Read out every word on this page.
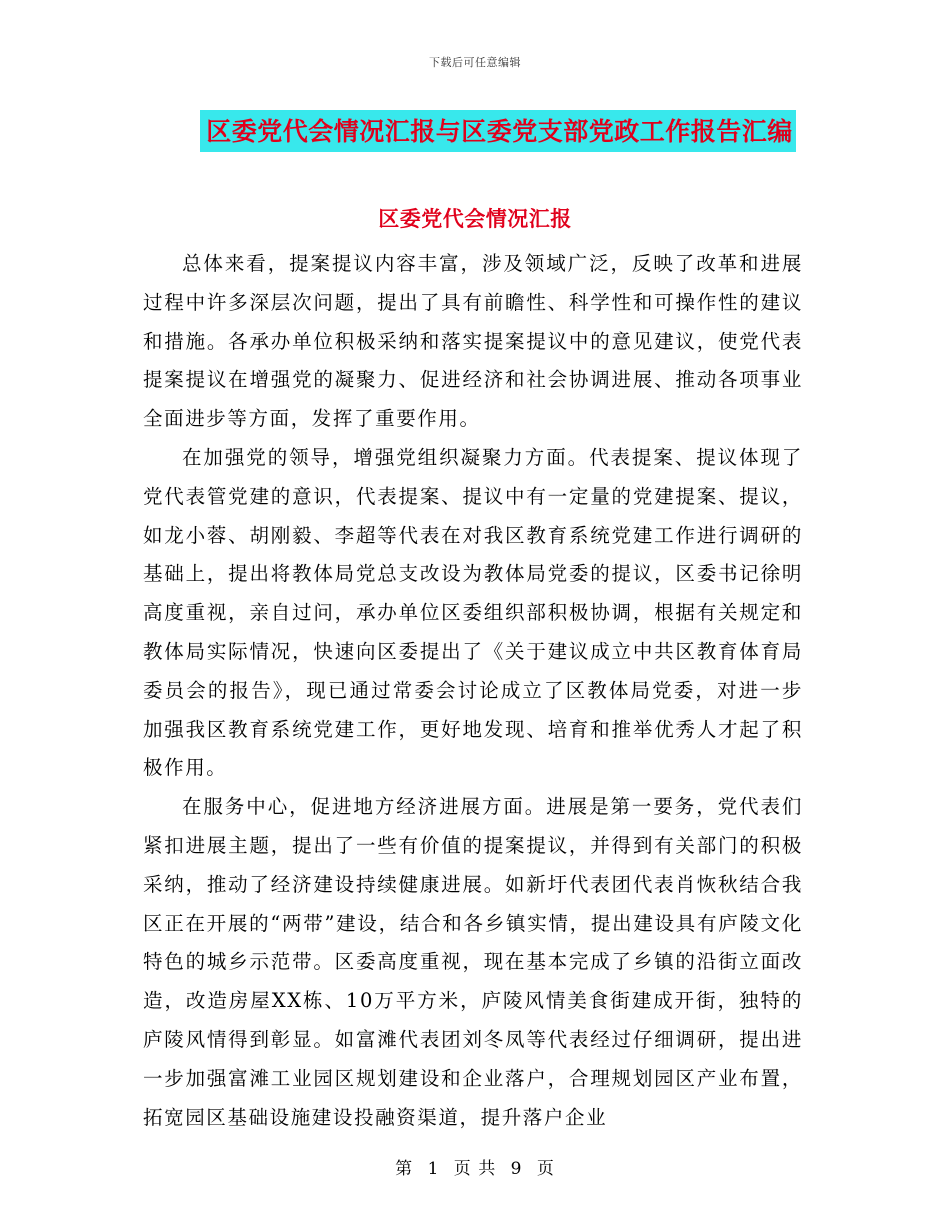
下载后可任意编辑
区委党代会情况汇报与区委党支部党政工作报告汇编
区委党代会情况汇报

总体来看，提案提议内容丰富，涉及领域广泛，反映了改革和进展过程中许多深层次问题，提出了具有前瞻性、科学性和可操作性的建议和措施。各承办单位积极采纳和落实提案提议中的意见建议，使党代表提案提议在增强党的凝聚力、促进经济和社会协调进展、推动各项事业全面进步等方面，发挥了重要作用。

在加强党的领导，增强党组织凝聚力方面。代表提案、提议体现了党代表管党建的意识，代表提案、提议中有一定量的党建提案、提议，如龙小蓉、胡刚毅、李超等代表在对我区教育系统党建工作进行调研的基础上，提出将教体局党总支改设为教体局党委的提议，区委书记徐明高度重视，亲自过问，承办单位区委组织部积极协调，根据有关规定和教体局实际情况，快速向区委提出了《关于建议成立中共区教育体育局委员会的报告》，现已通过常委会讨论成立了区教体局党委，对进一步加强我区教育系统党建工作，更好地发现、培育和推举优秀人才起了积极作用。

在服务中心，促进地方经济进展方面。进展是第一要务，党代表们紧扣进展主题，提出了一些有价值的提案提议，并得到有关部门的积极采纳，推动了经济建设持续健康进展。如新圩代表团代表肖恢秋结合我区正在开展的“两带”建设，结合和各乡镇实情，提出建设具有庐陵文化特色的城乡示范带。区委高度重视，现在基本完成了乡镇的沿街立面改造，改造房屋XX栋、10万平方米，庐陵风情美食街建成开街，独特的庐陵风情得到彰显。如富滩代表团刘冬凤等代表经过仔细调研，提出进一步加强富滩工业园区规划建设和企业落户，合理规划园区产业布置，拓宽园区基础设施建设投融资渠道，提升落户企业

第 1 页 共 9 页
